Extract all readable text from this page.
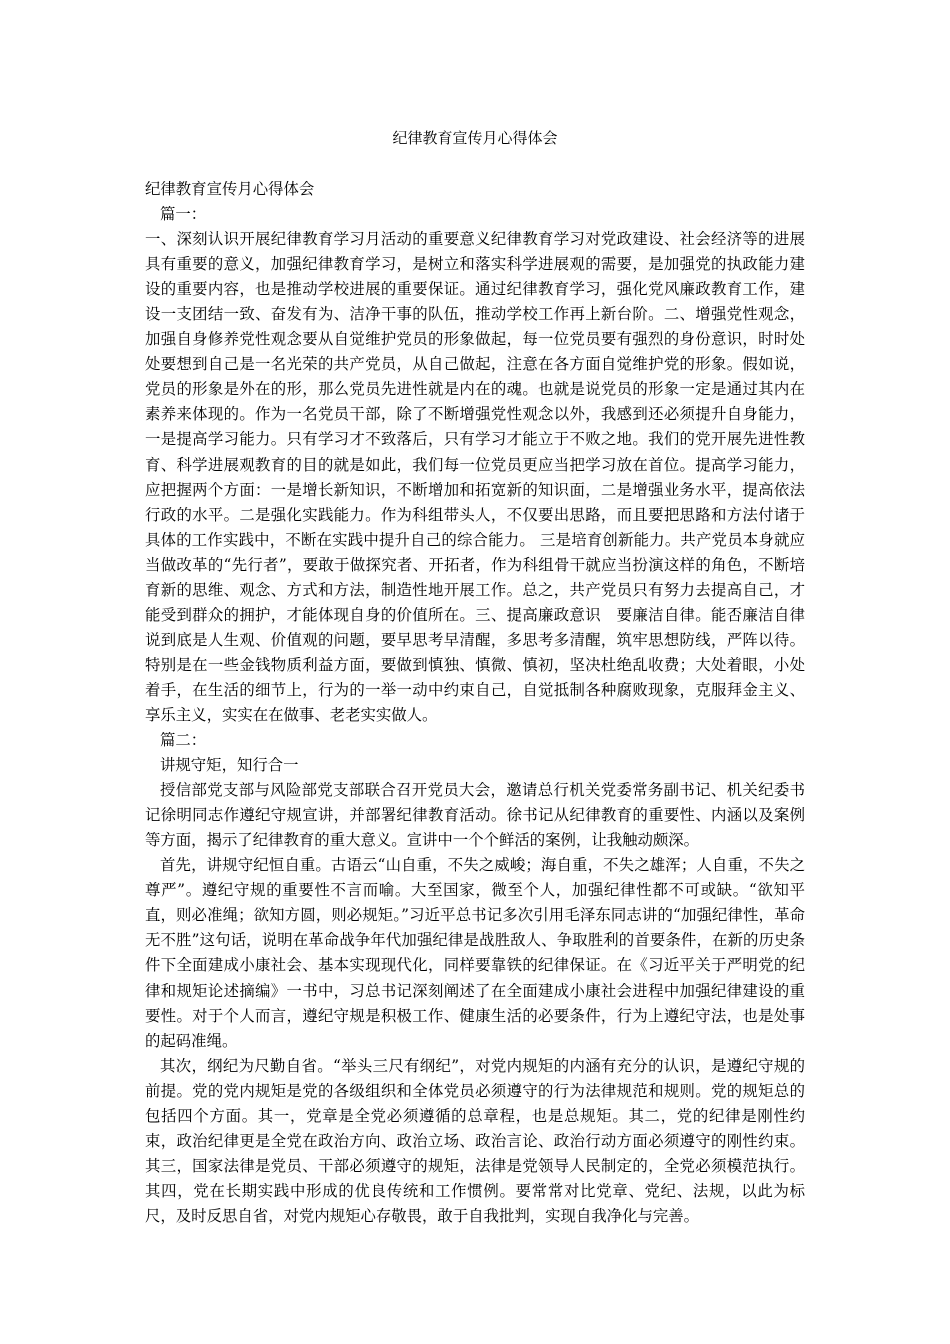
纪律教育宣传月心得体会

纪律教育宣传月心得体会

篇一：

一、深刻认识开展纪律教育学习月活动的重要意义纪律教育学习对党政建设、社会经济等的进展具有重要的意义，加强纪律教育学习，是树立和落实科学进展观的需要，是加强党的执政能力建设的重要内容，也是推动学校进展的重要保证。通过纪律教育学习，强化党风廉政教育工作，建设一支团结一致、奋发有为、洁净干事的队伍，推动学校工作再上新台阶。二、增强党性观念，加强自身修养党性观念要从自觉维护党员的形象做起，每一位党员要有强烈的身份意识，时时处处要想到自己是一名光荣的共产党员，从自己做起，注意在各方面自觉维护党的形象。假如说，党员的形象是外在的形，那么党员先进性就是内在的魂。也就是说党员的形象一定是通过其内在素养来体现的。作为一名党员干部，除了不断增强党性观念以外，我感到还必须提升自身能力，一是提高学习能力。只有学习才不致落后，只有学习才能立于不败之地。我们的党开展先进性教育、科学进展观教育的目的就是如此，我们每一位党员更应当把学习放在首位。提高学习能力，应把握两个方面：一是增长新知识，不断增加和拓宽新的知识面，二是增强业务水平，提高依法行政的水平。二是强化实践能力。作为科组带头人，不仅要出思路，而且要把思路和方法付诸于具体的工作实践中，不断在实践中提升自己的综合能力。 三是培育创新能力。共产党员本身就应当做改革的“先行者”，要敢于做探究者、开拓者，作为科组骨干就应当扮演这样的角色，不断培育新的思维、观念、方式和方法，制造性地开展工作。总之，共产党员只有努力去提高自己，才能受到群众的拥护，才能体现自身的价值所在。三、提高廉政意识　要廉洁自律。能否廉洁自律说到底是人生观、价值观的问题，要早思考早清醒，多思考多清醒，筑牢思想防线，严阵以待。特别是在一些金钱物质利益方面，要做到慎独、慎微、慎初，坚决杜绝乱收费；大处着眼，小处着手，在生活的细节上，行为的一举一动中约束自己，自觉抵制各种腐败现象，克服拜金主义、享乐主义，实实在在做事、老老实实做人。

篇二：

讲规守矩，知行合一

授信部党支部与风险部党支部联合召开党员大会，邀请总行机关党委常务副书记、机关纪委书记徐明同志作遵纪守规宣讲，并部署纪律教育活动。徐书记从纪律教育的重要性、内涵以及案例等方面，揭示了纪律教育的重大意义。宣讲中一个个鲜活的案例，让我触动颇深。

首先，讲规守纪恒自重。古语云“山自重，不失之威峻；海自重，不失之雄浑；人自重，不失之尊严”。遵纪守规的重要性不言而喻。大至国家，微至个人，加强纪律性都不可或缺。“欲知平直，则必准绳；欲知方圆，则必规矩。”习近平总书记多次引用毛泽东同志讲的“加强纪律性，革命无不胜”这句话，说明在革命战争年代加强纪律是战胜敌人、争取胜利的首要条件，在新的历史条件下全面建成小康社会、基本实现现代化，同样要靠铁的纪律保证。在《习近平关于严明党的纪律和规矩论述摘编》一书中，习总书记深刻阐述了在全面建成小康社会进程中加强纪律建设的重要性。对于个人而言，遵纪守规是积极工作、健康生活的必要条件，行为上遵纪守法，也是处事的起码准绳。

其次，纲纪为尺勤自省。“举头三尺有纲纪”，对党内规矩的内涵有充分的认识，是遵纪守规的前提。党的党内规矩是党的各级组织和全体党员必须遵守的行为法律规范和规则。党的规矩总的包括四个方面。其一，党章是全党必须遵循的总章程，也是总规矩。其二，党的纪律是刚性约束，政治纪律更是全党在政治方向、政治立场、政治言论、政治行动方面必须遵守的刚性约束。其三，国家法律是党员、干部必须遵守的规矩，法律是党领导人民制定的，全党必须模范执行。其四，党在长期实践中形成的优良传统和工作惯例。要常常对比党章、党纪、法规，以此为标尺，及时反思自省，对党内规矩心存敬畏，敢于自我批判，实现自我净化与完善。
